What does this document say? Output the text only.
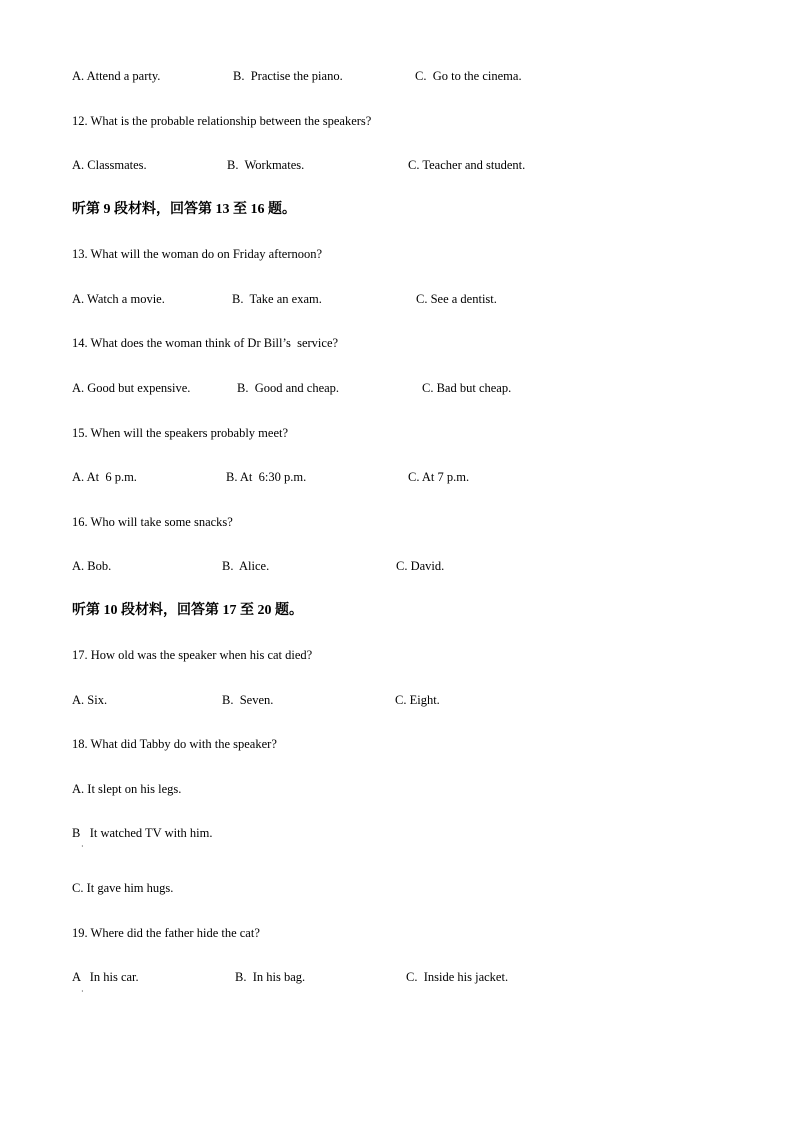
A. Attend a party.	B.  Practise the piano.	C.  Go to the cinema.
12. What is the probable relationship between the speakers?
A. Classmates.	B.  Workmates.	C. Teacher and student.
听第 9 段材料，回答第 13 至 16 题。
13. What will the woman do on Friday afternoon?
A. Watch a movie.	B.  Take an exam.	C. See a dentist.
14. What does the woman think of Dr Bill’s  service?
A. Good but expensive.	B.  Good and cheap.	C. Bad but cheap.
15. When will the speakers probably meet?
A. At  6 p.m.	B. At  6:30 p.m.	C. At 7 p.m.
16. Who will take some snacks?
A. Bob.	B.  Alice.	C. David.
听第 10 段材料，回答第 17 至 20 题。
17. How old was the speaker when his cat died?
A. Six.	B.  Seven.	C. Eight.
18. What did Tabby do with the speaker?
A. It slept on his legs.
B   It watched TV with him.
·
C. It gave him hugs.
19. Where did the father hide the cat?
A   In his car.
·
B.  In his bag.	C.  Inside his jacket.
